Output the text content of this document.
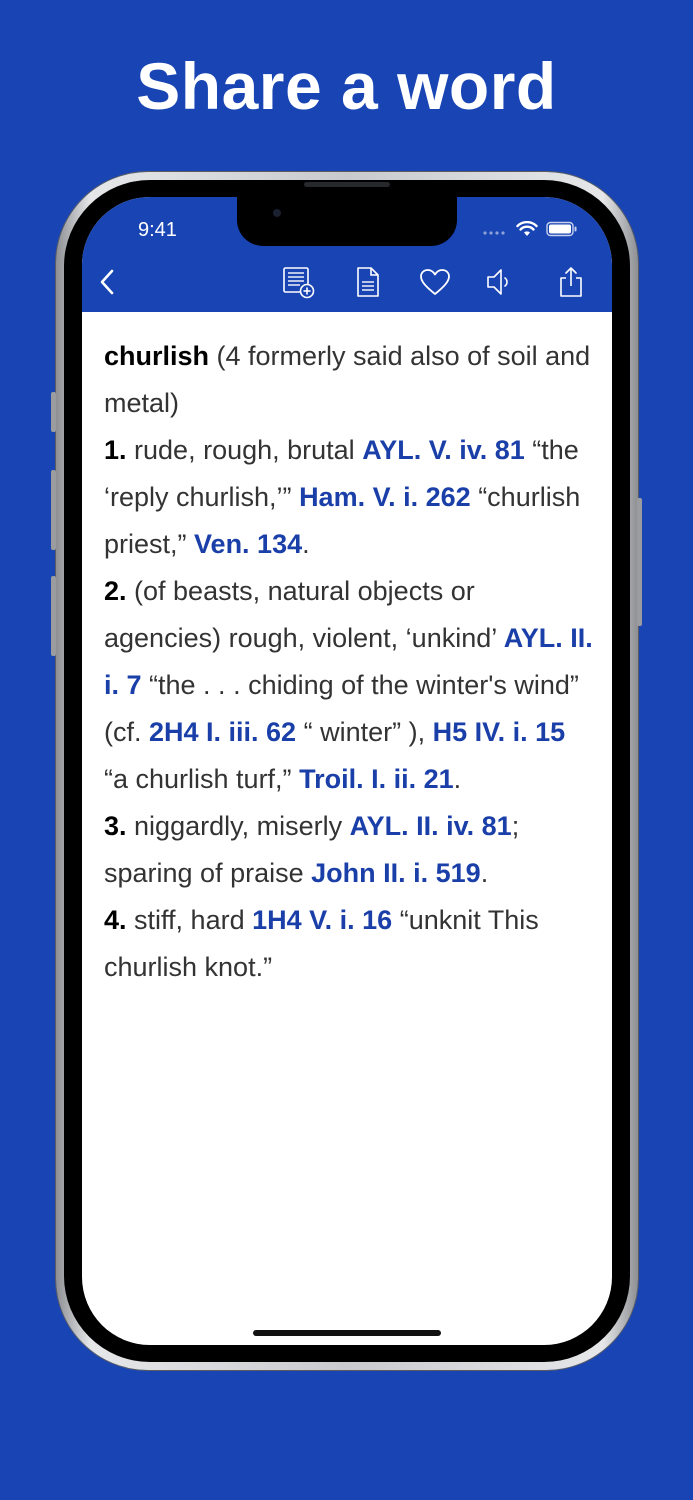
Share a word
9:41

churlish (4 formerly said also of soil and metal)

1. rude, rough, brutal AYL. V. iv. 81 “the ‘reply churlish,’” Ham. V. i. 262 “churlish priest,” Ven. 134.

2. (of beasts, natural objects or agencies) rough, violent, ‘unkind’ AYL. II. i. 7 “the . . . chiding of the winter's wind” (cf. 2H4 I. iii. 62 “ winter” ), H5 IV. i. 15 “a churlish turf,” Troil. I. ii. 21.

3. niggardly, miserly AYL. II. iv. 81; sparing of praise John II. i. 519.

4. stiff, hard 1H4 V. i. 16 “unknit This churlish knot.”
